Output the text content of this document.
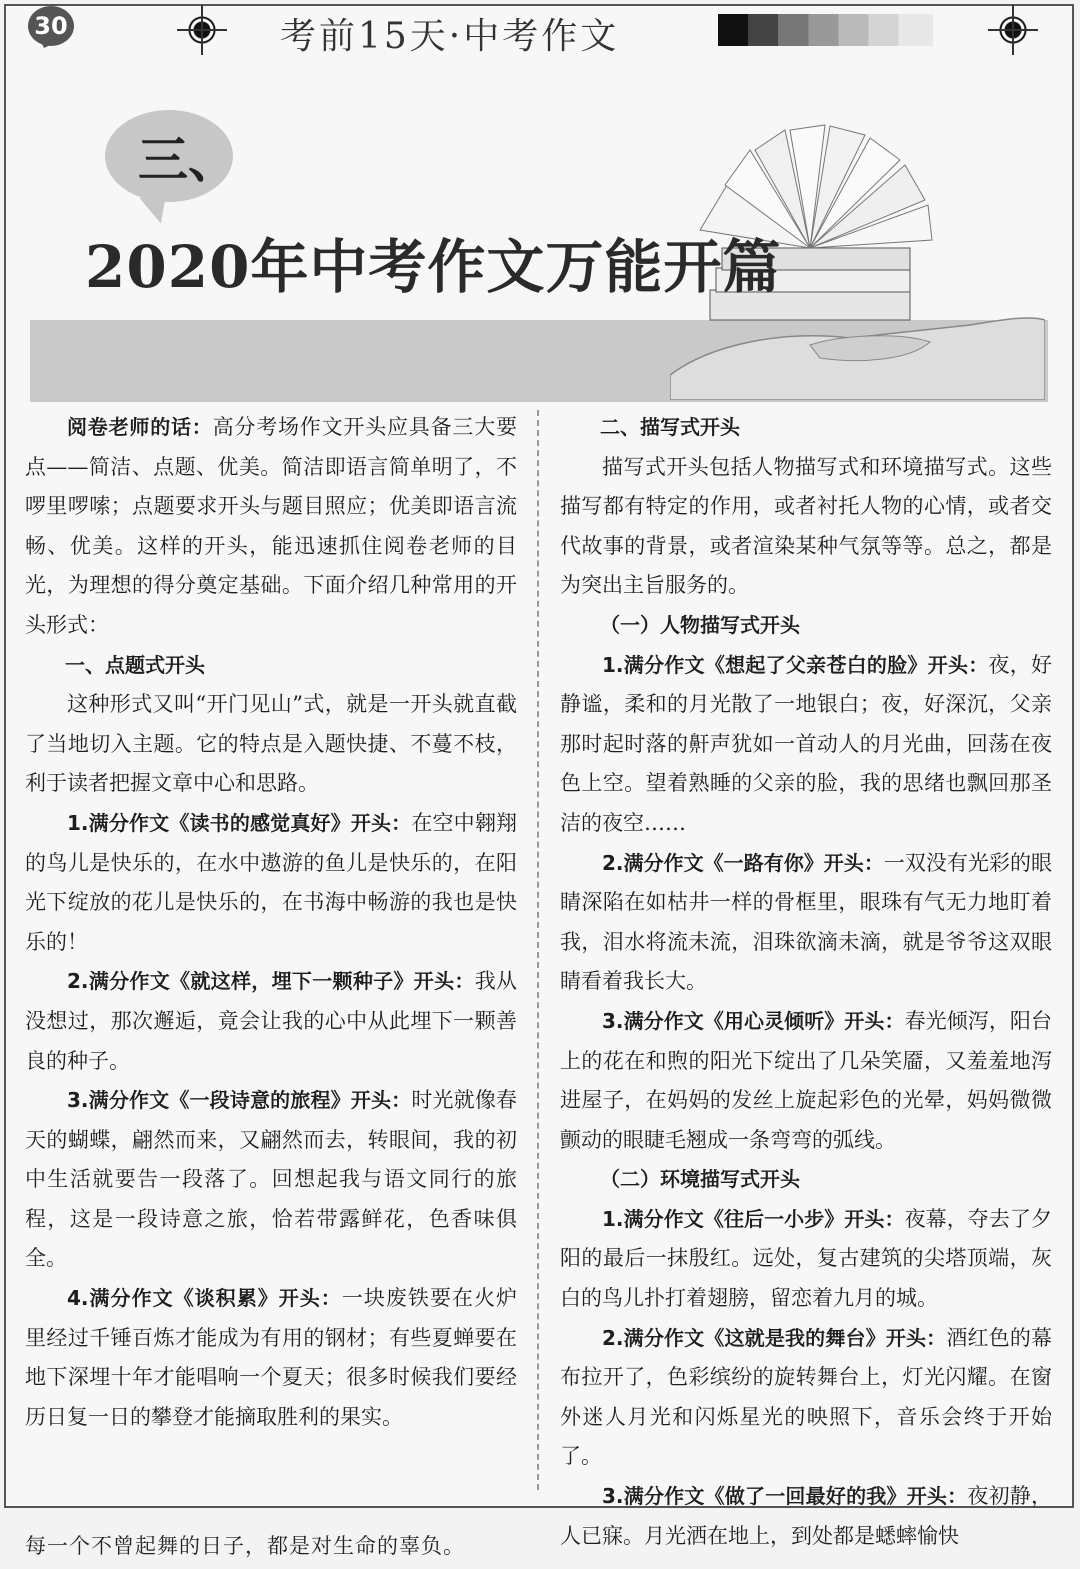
30	考前15天·中考作文
三、
2020年中考作文万能开篇

阅卷老师的话：高分考场作文开头应具备三大要点——简洁、点题、优美。简洁即语言简单明了，不啰里啰嗦；点题要求开头与题目照应；优美即语言流畅、优美。这样的开头，能迅速抓住阅卷老师的目光，为理想的得分奠定基础。下面介绍几种常用的开头形式：

一、点题式开头

这种形式又叫“开门见山”式，就是一开头就直截了当地切入主题。它的特点是入题快捷、不蔓不枝，利于读者把握文章中心和思路。

1.满分作文《读书的感觉真好》开头：在空中翱翔的鸟儿是快乐的，在水中遨游的鱼儿是快乐的，在阳光下绽放的花儿是快乐的，在书海中畅游的我也是快乐的！

2.满分作文《就这样，埋下一颗种子》开头：我从没想过，那次邂逅，竟会让我的心中从此埋下一颗善良的种子。

3.满分作文《一段诗意的旅程》开头：时光就像春天的蝴蝶，翩然而来，又翩然而去，转眼间，我的初中生活就要告一段落了。回想起我与语文同行的旅程，这是一段诗意之旅，恰若带露鲜花，色香味俱全。

4.满分作文《谈积累》开头：一块废铁要在火炉里经过千锤百炼才能成为有用的钢材；有些夏蝉要在地下深埋十年才能唱响一个夏天；很多时候我们要经历日复一日的攀登才能摘取胜利的果实。

二、描写式开头

描写式开头包括人物描写式和环境描写式。这些描写都有特定的作用，或者衬托人物的心情，或者交代故事的背景，或者渲染某种气氛等等。总之，都是为突出主旨服务的。

（一）人物描写式开头

1.满分作文《想起了父亲苍白的脸》开头：夜，好静谧，柔和的月光散了一地银白；夜，好深沉，父亲那时起时落的鼾声犹如一首动人的月光曲，回荡在夜色上空。望着熟睡的父亲的脸，我的思绪也飘回那圣洁的夜空……

2.满分作文《一路有你》开头：一双没有光彩的眼睛深陷在如枯井一样的骨框里，眼珠有气无力地盯着我，泪水将流未流，泪珠欲滴未滴，就是爷爷这双眼睛看着我长大。

3.满分作文《用心灵倾听》开头：春光倾泻，阳台上的花在和煦的阳光下绽出了几朵笑靥，又羞羞地泻进屋子，在妈妈的发丝上旋起彩色的光晕，妈妈微微颤动的眼睫毛翘成一条弯弯的弧线。

（二）环境描写式开头

1.满分作文《往后一小步》开头：夜幕，夺去了夕阳的最后一抹殷红。远处，复古建筑的尖塔顶端，灰白的鸟儿扑打着翅膀，留恋着九月的城。

2.满分作文《这就是我的舞台》开头：酒红色的幕布拉开了，色彩缤纷的旋转舞台上，灯光闪耀。在窗外迷人月光和闪烁星光的映照下，音乐会终于开始了。

3.满分作文《做了一回最好的我》开头：夜初静，人已寐。月光洒在地上，到处都是蟋蟀愉快

每一个不曾起舞的日子，都是对生命的辜负。
